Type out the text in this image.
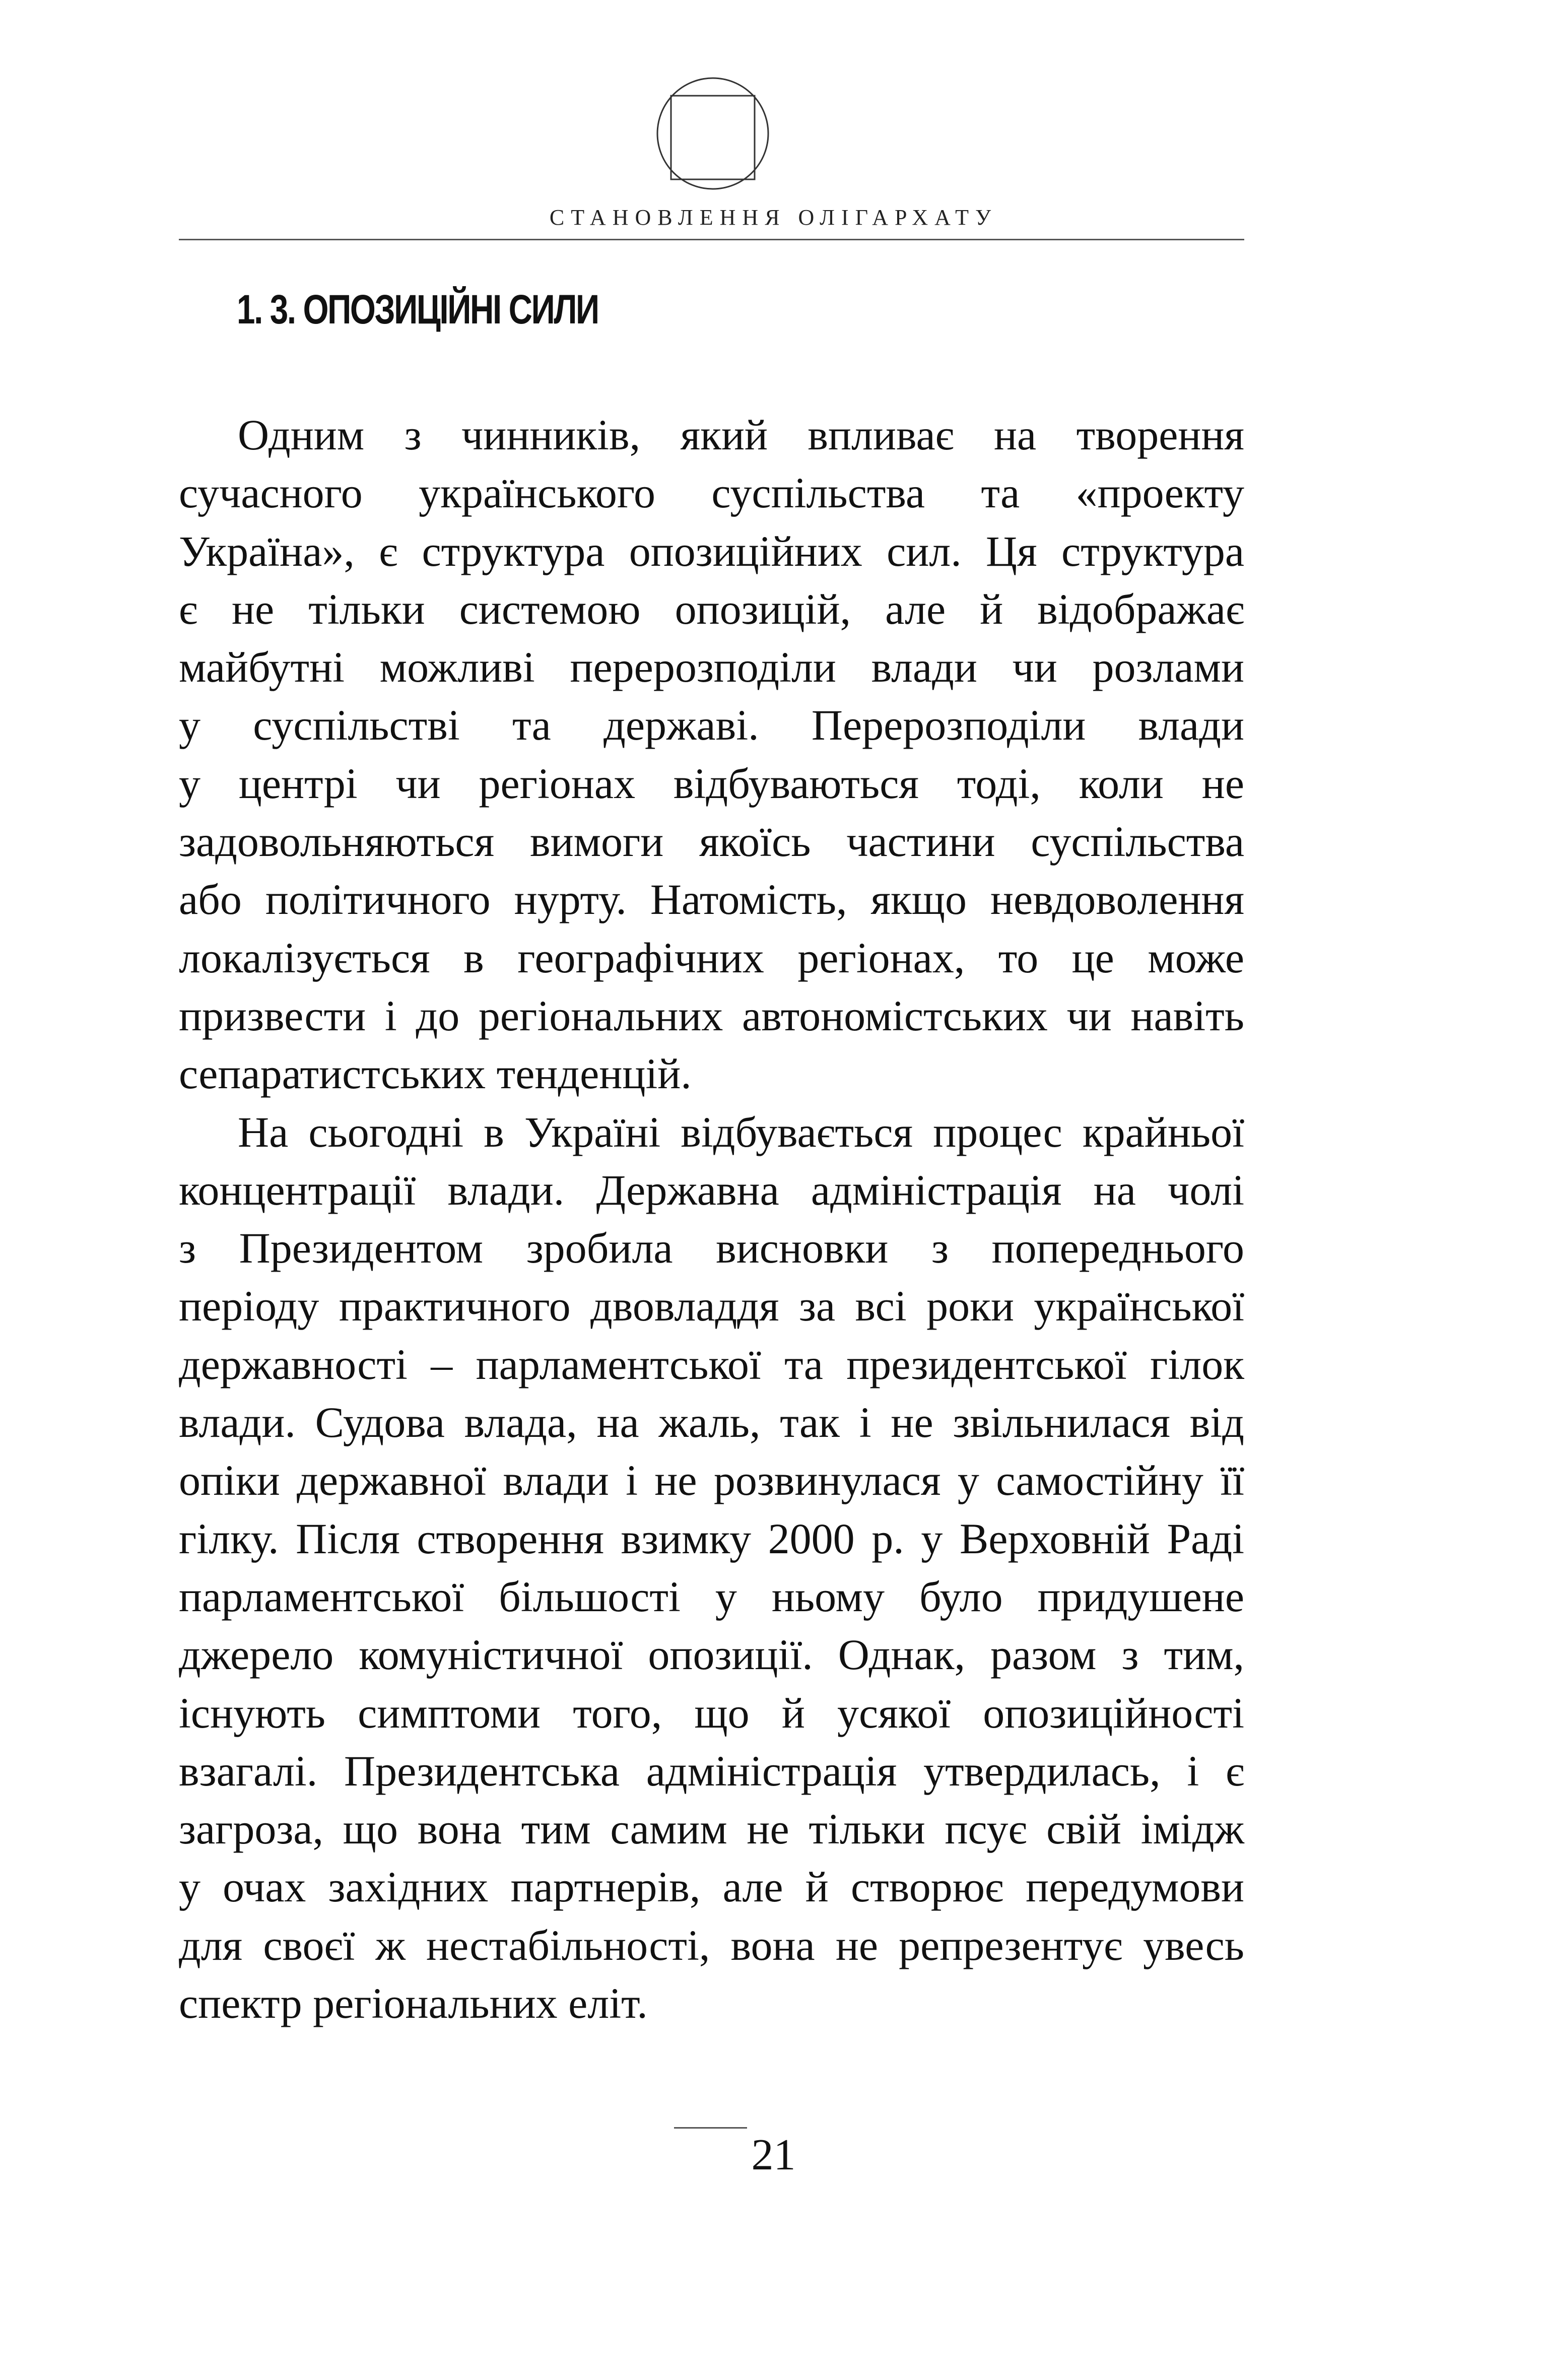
СТАНОВЛЕННЯ ОЛІГАРХАТУ
1. 3. ОПОЗИЦІЙНІ СИЛИ
Одним з чинників, який впливає на творення
сучасного українського суспільства та «проекту
Україна», є структура опозиційних сил. Ця структура
є не тільки системою опозицій, але й відображає
майбутні можливі перерозподіли влади чи розлами
у суспільстві та державі. Перерозподіли влади
у центрі чи регіонах відбуваються тоді, коли не
задовольняються вимоги якоїсь частини суспільства
або політичного нурту. Натомість, якщо невдоволення
локалізується в географічних регіонах, то це може
призвести і до регіональних автономістських чи навіть
сепаратистських тенденцій.
На сьогодні в Україні відбувається процес крайньої
концентрації влади. Державна адміністрація на чолі
з Президентом зробила висновки з попереднього
періоду практичного двовладдя за всі роки української
державності – парламентської та президентської гілок
влади. Судова влада, на жаль, так і не звільнилася від
опіки державної влади і не розвинулася у самостійну її
гілку. Після створення взимку 2000 р. у Верховній Раді
парламентської більшості у ньому було придушене
джерело комуністичної опозиції. Однак, разом з тим,
існують симптоми того, що й усякої опозиційності
взагалі. Президентська адміністрація утвердилась, і є
загроза, що вона тим самим не тільки псує свій імідж
у очах західних партнерів, але й створює передумови
для своєї ж нестабільності, вона не репрезентує увесь
спектр регіональних еліт.
21
